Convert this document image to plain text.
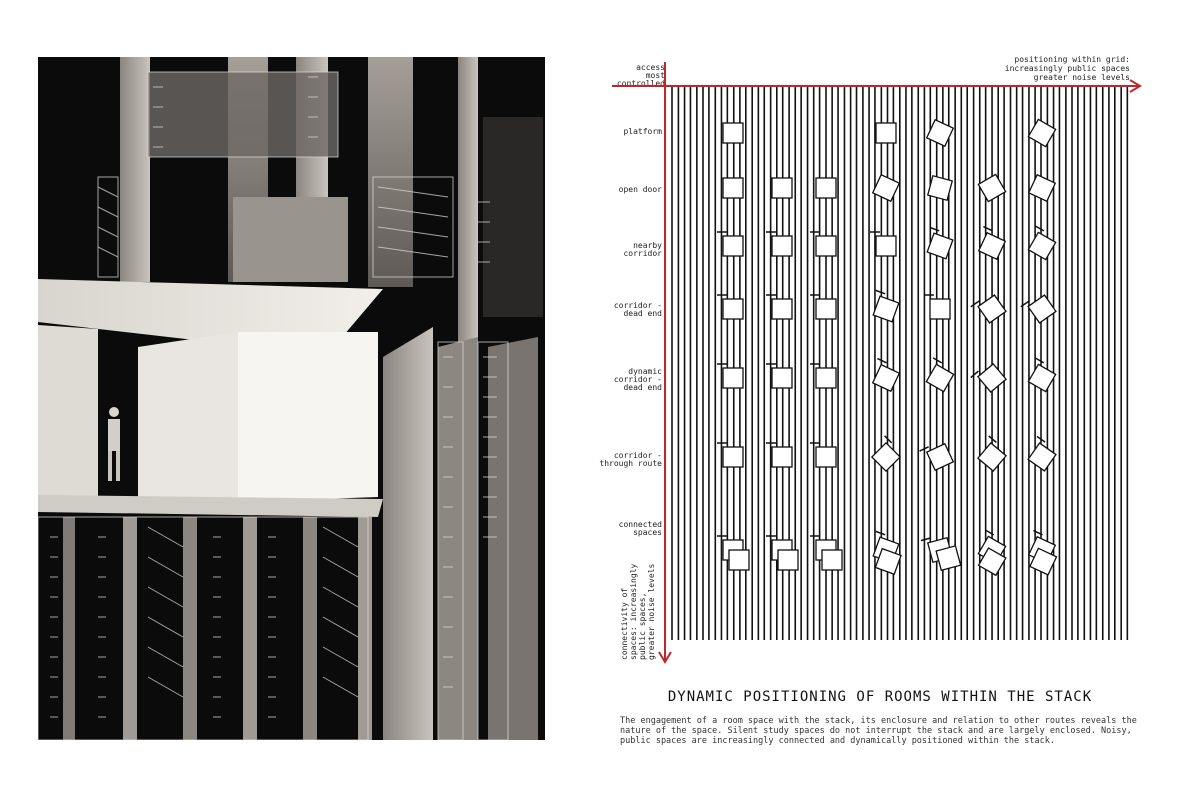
access
most
controlled
positioning within grid:
increasingly public spaces
greater noise levels
platform
open door
nearby
corridor
corridor -
dead end
dynamic
corridor -
dead end
corridor -
through route
connected
spaces
connectivity of
spaces: increasingly
public spaces,
greater noise levels
DYNAMIC POSITIONING OF ROOMS WITHIN THE STACK
The engagement of a room space with the stack, its enclosure and relation to other routes reveals the nature of the space. Silent study spaces do not interrupt the stack and are largely enclosed. Noisy, public spaces are increasingly connected and dynamically positioned within the stack.
